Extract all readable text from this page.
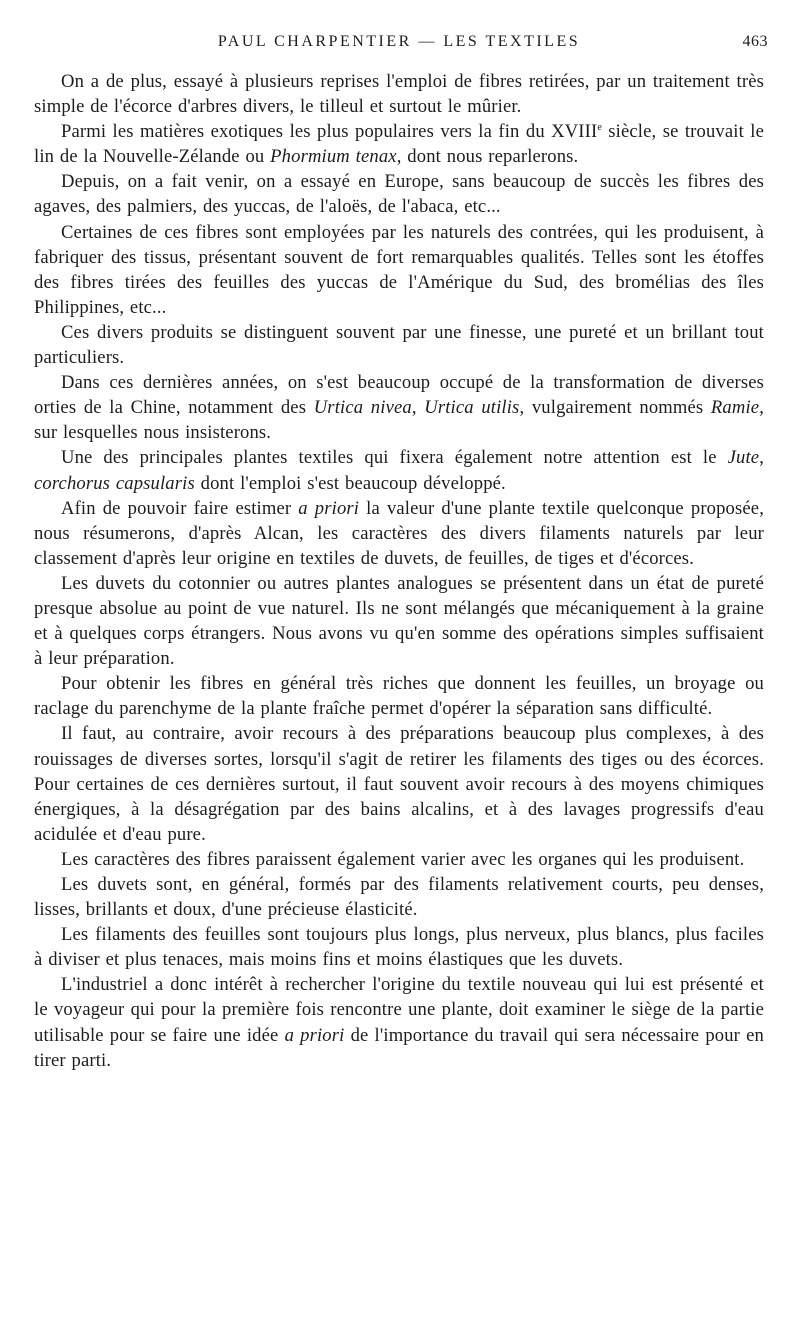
PAUL CHARPENTIER — LES TEXTILES	463

On a de plus, essayé à plusieurs reprises l'emploi de fibres retirées, par un traitement très simple de l'écorce d'arbres divers, le tilleul et surtout le mûrier.

Parmi les matières exotiques les plus populaires vers la fin du XVIIIe siècle, se trouvait le lin de la Nouvelle-Zélande ou Phormium tenax, dont nous reparlerons.

Depuis, on a fait venir, on a essayé en Europe, sans beaucoup de succès les fibres des agaves, des palmiers, des yuccas, de l'aloës, de l'abaca, etc...

Certaines de ces fibres sont employées par les naturels des contrées, qui les produisent, à fabriquer des tissus, présentant souvent de fort remarquables qualités. Telles sont les étoffes des fibres tirées des feuilles des yuccas de l'Amérique du Sud, des bromélias des îles Philippines, etc...

Ces divers produits se distinguent souvent par une finesse, une pureté et un brillant tout particuliers.

Dans ces dernières années, on s'est beaucoup occupé de la transformation de diverses orties de la Chine, notamment des Urtica nivea, Urtica utilis, vulgairement nommés Ramie, sur lesquelles nous insisterons.

Une des principales plantes textiles qui fixera également notre attention est le Jute, corchorus capsularis dont l'emploi s'est beaucoup développé.

Afin de pouvoir faire estimer a priori la valeur d'une plante textile quelconque proposée, nous résumerons, d'après Alcan, les caractères des divers filaments naturels par leur classement d'après leur origine en textiles de duvets, de feuilles, de tiges et d'écorces.

Les duvets du cotonnier ou autres plantes analogues se présentent dans un état de pureté presque absolue au point de vue naturel. Ils ne sont mélangés que mécaniquement à la graine et à quelques corps étrangers. Nous avons vu qu'en somme des opérations simples suffisaient à leur préparation.

Pour obtenir les fibres en général très riches que donnent les feuilles, un broyage ou raclage du parenchyme de la plante fraîche permet d'opérer la séparation sans difficulté.

Il faut, au contraire, avoir recours à des préparations beaucoup plus complexes, à des rouissages de diverses sortes, lorsqu'il s'agit de retirer les filaments des tiges ou des écorces. Pour certaines de ces dernières surtout, il faut souvent avoir recours à des moyens chimiques énergiques, à la désagrégation par des bains alcalins, et à des lavages progressifs d'eau acidulée et d'eau pure.

Les caractères des fibres paraissent également varier avec les organes qui les produisent.

Les duvets sont, en général, formés par des filaments relativement courts, peu denses, lisses, brillants et doux, d'une précieuse élasticité.

Les filaments des feuilles sont toujours plus longs, plus nerveux, plus blancs, plus faciles à diviser et plus tenaces, mais moins fins et moins élastiques que les duvets.

L'industriel a donc intérêt à rechercher l'origine du textile nouveau qui lui est présenté et le voyageur qui pour la première fois rencontre une plante, doit examiner le siège de la partie utilisable pour se faire une idée a priori de l'importance du travail qui sera nécessaire pour en tirer parti.
